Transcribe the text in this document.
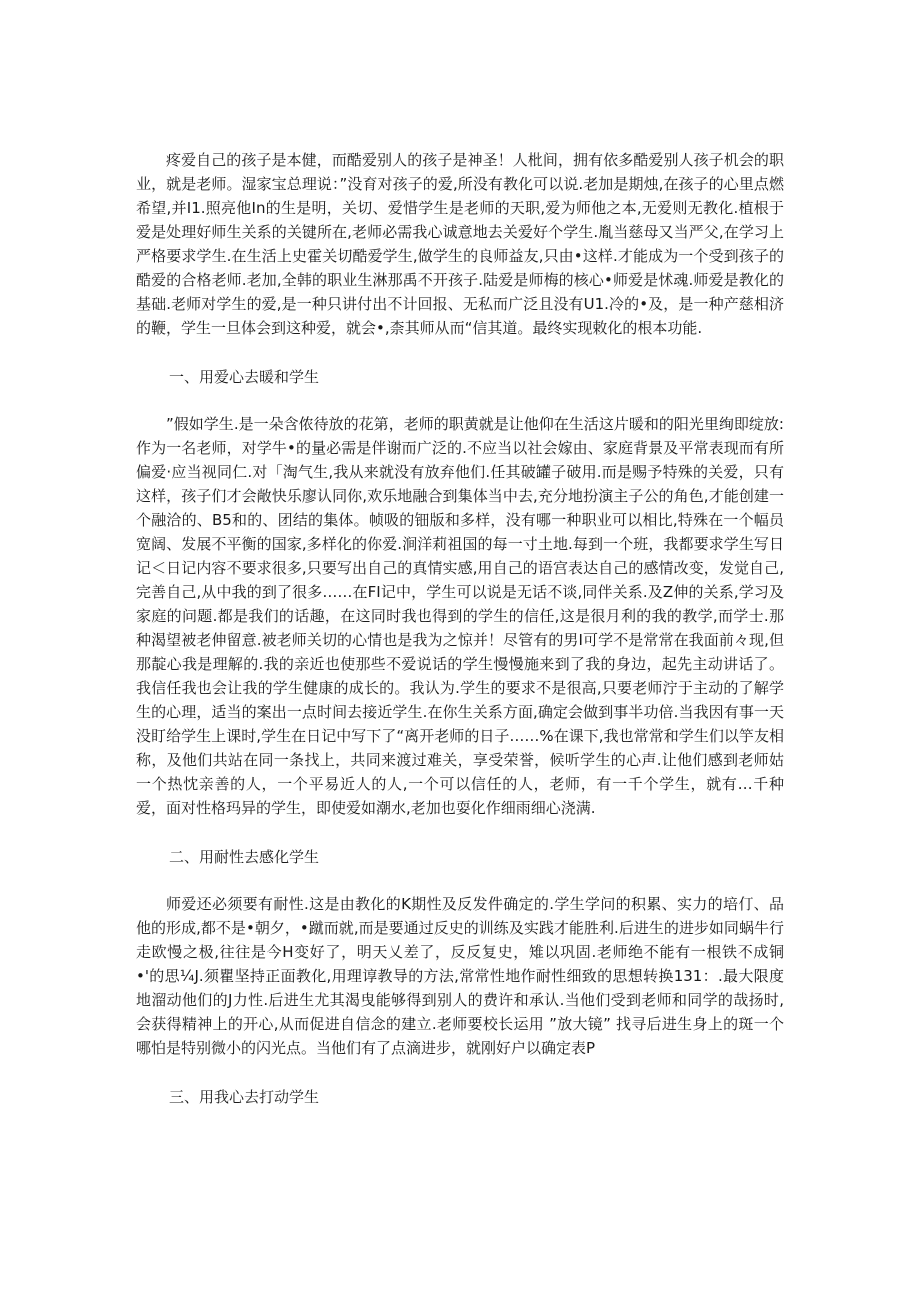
疼爱自己的孩子是本健，而酷爱别人的孩子是神圣！人枇间，拥有依多酷爱别人孩子机会的职业，就是老师。湿家宝总理说：”没育对孩子的爱,所没有教化可以说.老加是期烛,在孩子的心里点燃希望,并I1.照亮他In的生是明，关切、爱惜学生是老师的天职,爱为师他之本,无爱则无教化.植根于爱是处理好师生关系的关键所在,老师必需我心诚意地去关爱好个学生.胤当慈母又当严父,在学习上严格要求学生.在生活上史霍关切酷爱学生,做学生的良师益友,只由•这样.才能成为一个受到孩子的酷爱的合格老师.老加,全韩的职业生淋那禹不开孩子.陆爱是师梅的核心•师爱是怵魂.师爱是教化的基础.老师对学生的爱,是一种只讲付出不计回报、无私而广泛且没有U1.冷的•及，是一种产慈相济的鞭，学生一旦体会到这种爱，就会•,柰其师从而“信其道。最终实现敕化的根本功能.

一、用爱心去暖和学生

”假如学生.是一朵含侬待放的花第，老师的职黄就是让他仰在生活这片暖和的阳光里绚即绽放:作为一名老师，对学牛•的量必需是伴谢而广泛的.不应当以社会嫁由、家庭背景及平常表现而有所偏爱·应当视同仁.对「淘气生,我从来就没有放弃他们.任其破罐子破用.而是赐予特殊的关爱，只有这样，孩子们才会敞快乐廖认同你,欢乐地融合到集体当中去,充分地扮演主子公的角色,才能创建一个融洽的、B5和的、团结的集体。帧吸的钿版和多样，没有哪一种职业可以相比,特殊在一个幅员宽阔、发展不平衡的国家,多样化的你爱.涧洋莉祖国的每一寸土地.每到一个班，我都要求学生写日记＜日记内容不要求很多,只要写出自己的真情实感,用自己的语宫表达自己的感情改变，发觉自己,完善自己,从中我的到了很多……在FI记中，学生可以说是无话不谈,同伴关系.及Z伸的关系,学习及家庭的问题.都是我们的话趣，在这同时我也得到的学生的信任,这是很月利的我的教学,而学士.那种渴望被老伸留意.被老师关切的心情也是我为之惊并！尽管有的男I可学不是常常在我面前々现,但那靛心我是理解的.我的亲近也使那些不爱说话的学生慢慢施来到了我的身边，起先主动讲话了。我信任我也会让我的学生健康的成长的。我认为.学生的要求不是很高,只要老师泞于主动的了解学生的心理，适当的案出一点时间去接近学生.在你生关系方面,确定会做到事半功倍.当我因有事一天没盯给学生上课时,学生在日记中写下了“离开老师的日子……%在课下,我也常常和学生们以竽友相称，及他们共站在同一条找上，共同来渡过难关，享受荣誉，候听学生的心声.让他们感到老师姑一个热忱亲善的人，一个平易近人的人,一个可以信任的人，老师，有一千个学生，就有…千种爱，面对性格玛异的学生，即使爱如潮水,老加也耍化作细雨细心浇满.

二、用耐性去感化学生

师爱还必须要有耐性.这是由教化的K期性及反发件确定的.学生学问的积累、实力的培仃、品他的形成,都不是•朝夕，•蹴而就,而是要通过反史的训练及实践才能胜利.后进生的进步如同蜗牛行走欧慢之极,往往是今H变好了，明天乂差了，反反复史，雉以巩固.老师绝不能有一根铁不成铜•'的思¼J.须瞿坚持正面教化,用理谆教导的方法,常常性地作耐性细致的思想转换131：.最大限度地溜动他们的J力性.后进生尤其渴曳能够得到别人的费许和承认.当他们受到老师和同学的哉扬时,会获得精神上的开心,从而促进自信念的建立.老师要校长运用 ”放大镜” 找寻后进生身上的斑一个哪怕是特别微小的闪光点。当他们有了点滴进步，就刚好户以确定表P

三、用我心去打动学生
